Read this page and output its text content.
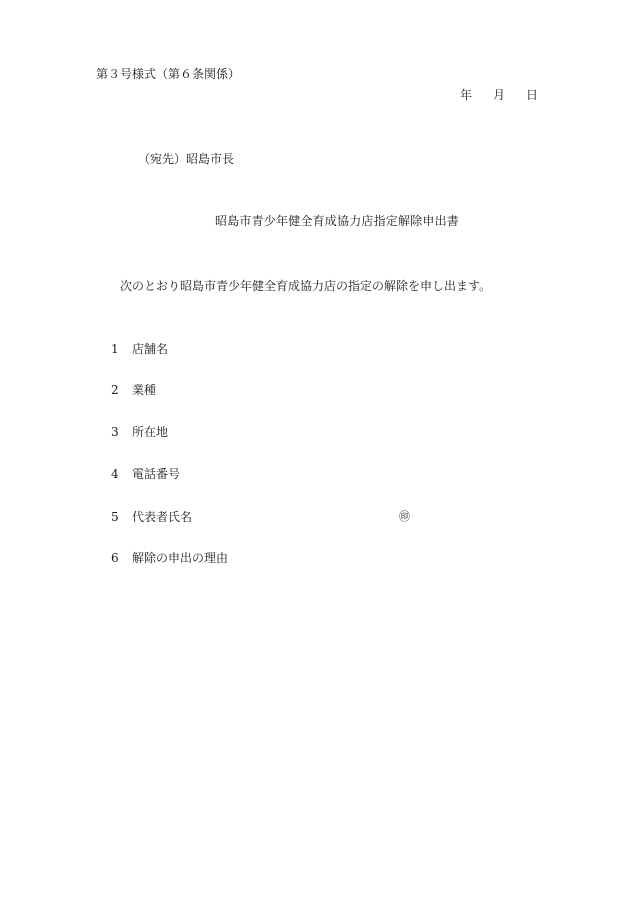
第３号様式（第６条関係）
年 月 日
（宛先）昭島市長
昭島市青少年健全育成協力店指定解除申出書
次のとおり昭島市青少年健全育成協力店の指定の解除を申し出ます。
1 店舗名
2 業種
3 所在地
4 電話番号
5 代表者氏名	㊞
6 解除の申出の理由
